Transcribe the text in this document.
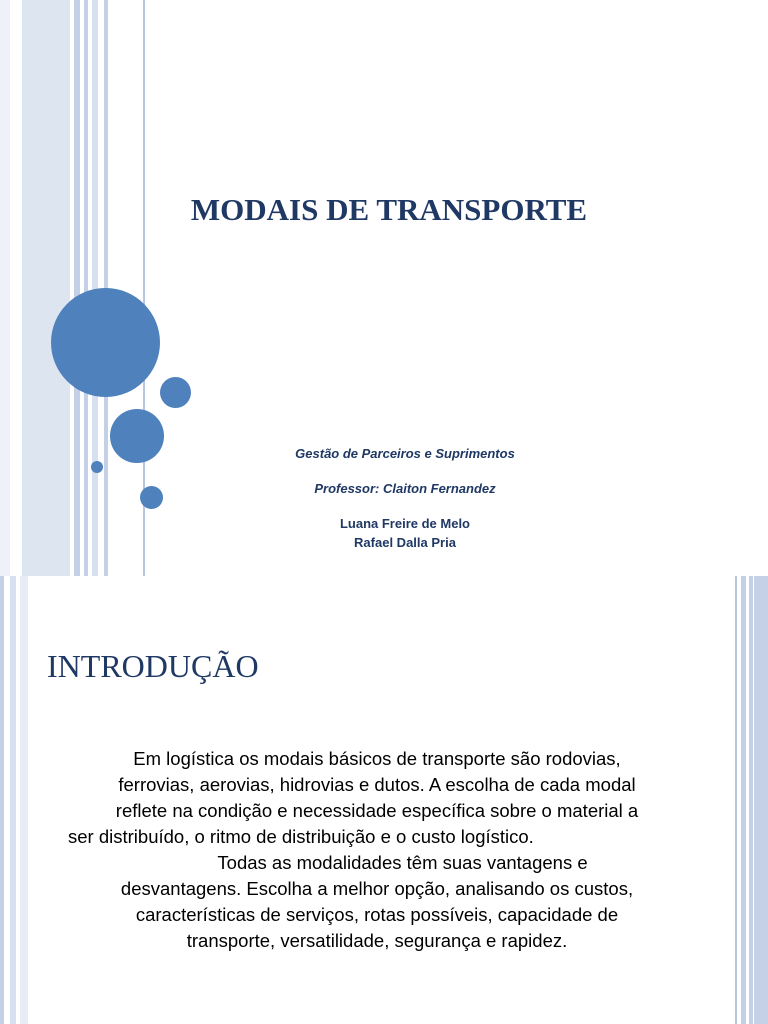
MODAIS DE TRANSPORTE

Gestão de Parceiros e Suprimentos

Professor: Claiton Fernandez

Luana Freire de Melo

Rafael Dalla Pria

INTRODUÇÃO

Em logística os modais básicos de transporte são rodovias,
ferrovias, aerovias, hidrovias e dutos. A escolha de cada modal
reflete na condição e necessidade específica sobre o material a
ser distribuído, o ritmo de distribuição e o custo logístico.
Todas as modalidades têm suas vantagens e
desvantagens. Escolha a melhor opção, analisando os custos,
características de serviços, rotas possíveis, capacidade de
transporte, versatilidade, segurança e rapidez.
